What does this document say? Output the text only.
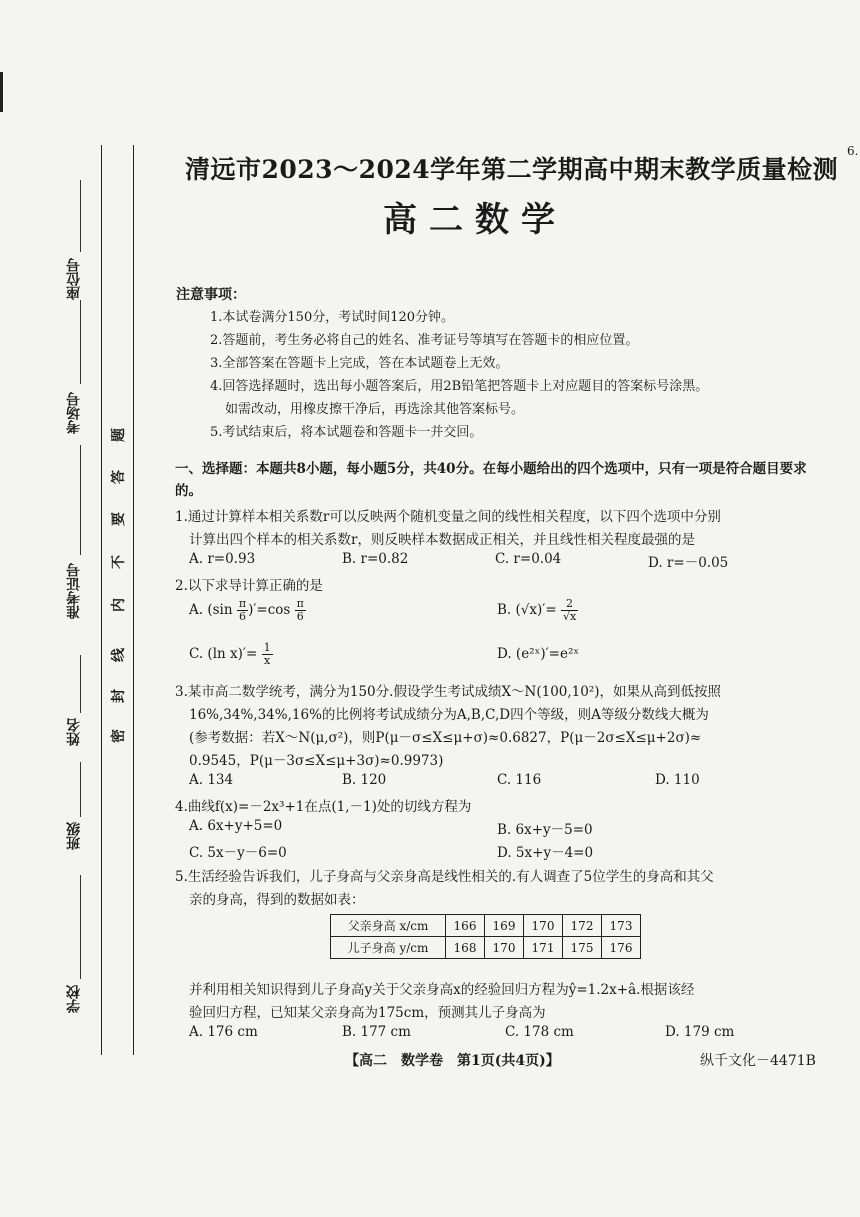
6.
座位号
考场号
准考证号
姓名
班级
学校
密
封
线
内
不
要
答
题
清远市2023～2024学年第二学期高中期末教学质量检测
高二数学
注意事项：
1.本试卷满分150分，考试时间120分钟。
2.答题前，考生务必将自己的姓名、准考证号等填写在答题卡的相应位置。
3.全部答案在答题卡上完成，答在本试题卷上无效。
4.回答选择题时，选出每小题答案后，用2B铅笔把答题卡上对应题目的答案标号涂黑。
如需改动，用橡皮擦干净后，再选涂其他答案标号。
5.考试结束后，将本试题卷和答题卡一并交回。
一、选择题：本题共8小题，每小题5分，共40分。在每小题给出的四个选项中，只有一项是符合题目要求的。
1.通过计算样本相关系数r可以反映两个随机变量之间的线性相关程度，以下四个选项中分别
计算出四个样本的相关系数r，则反映样本数据成正相关，并且线性相关程度最强的是
A. r=0.93	B. r=0.82	C. r=0.04	D. r=－0.05
2.以下求导计算正确的是
A. $(\sin \frac{\pi}{6} )'=\cos \frac{\pi}{6}$	B. $(√x)'= \frac{2}{√x}$
C. (ln $x)'= \frac{1}{x}$	D. (e²ˣ)′=e²ˣ
3.某市高二数学统考，满分为150分.假设学生考试成绩X～N(100,10²)，如果从高到低按照
16%,34%,34%,16%的比例将考试成绩分为A,B,C,D四个等级，则A等级分数线大概为
(参考数据：若X～N(μ,σ²)，则P(μ－σ≤X≤μ+σ)≈0.6827，P(μ－2σ≤X≤μ+2σ)≈
0.9545，P(μ－3σ≤X≤μ+3σ)≈0.9973)
A. 134	B. 120	C. 116	D. 110
4.曲线f(x)=－2x³+1在点(1,－1)处的切线方程为
A. 6x+y+5=0	B. 6x+y－5=0
C. 5x－y－6=0	D. 5x+y－4=0
5.生活经验告诉我们，儿子身高与父亲身高是线性相关的.有人调查了5位学生的身高和其父
亲的身高，得到的数据如表：
父亲身高 x/cm	166	169	170	172	173
儿子身高 y/cm	168	170	171	175	176
并利用相关知识得到儿子身高y关于父亲身高x的经验回归方程为ŷ=1.2x+â.根据该经
验回归方程，已知某父亲身高为175cm，预测其儿子身高为
A. 176 cm	B. 177 cm	C. 178 cm	D. 179 cm
【高二　数学卷　第1页(共4页)】	纵千文化－4471B
